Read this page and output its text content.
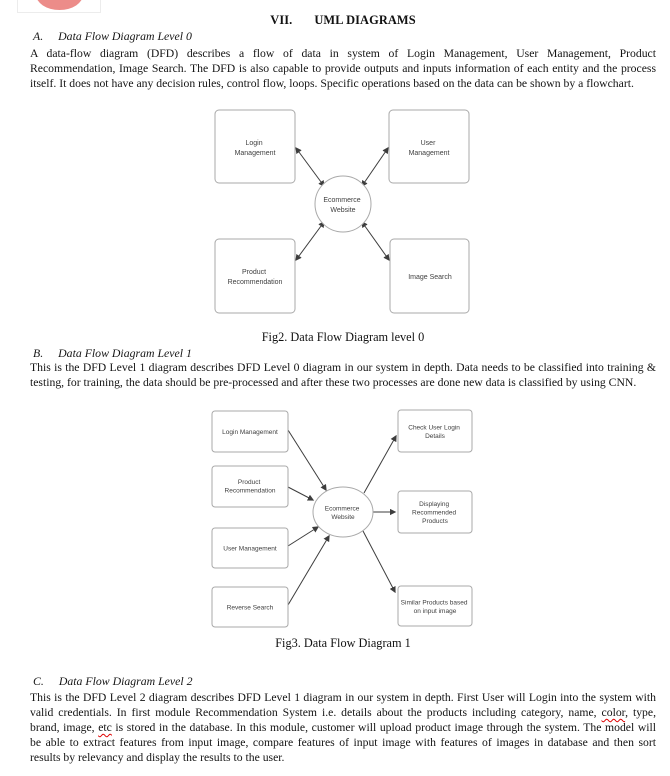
VII. UML DIAGRAMS
A. Data Flow Diagram Level 0
A data-flow diagram (DFD) describes a flow of data in system of Login Management, User Management, Product
Recommendation, Image Search. The DFD is also capable to provide outputs and inputs information of each entity and the process
itself. It does not have any decision rules, control flow, loops. Specific operations based on the data can be shown by a flowchart.
Login Management
User Management
Product Recommendation
Image Search
Ecommerce Website
Fig2. Data Flow Diagram level 0
B. Data Flow Diagram Level 1
This is the DFD Level 1 diagram describes DFD Level 0 diagram in our system in depth. Data needs to be classified into training &
testing, for training, the data should be pre-processed and after these two processes are done new data is classified by using CNN.
Login Management
Product Recommendation
User Management
Reverse Search
Check User Login Details
Displaying Recommended Products
Similar Products based on input image
Ecommerce Website
Fig3. Data Flow Diagram 1
C. Data Flow Diagram Level 2
This is the DFD Level 2 diagram describes DFD Level 1 diagram in our system in depth. First User will Login into the system with
valid credentials. In first module Recommendation System i.e. details about the products including category, name, color, type,
brand, image, etc is stored in the database. In this module, customer will upload product image through the system. The model will
be able to extract features from input image, compare features of input image with features of images in database and then sort
results by relevancy and display the results to the user.
